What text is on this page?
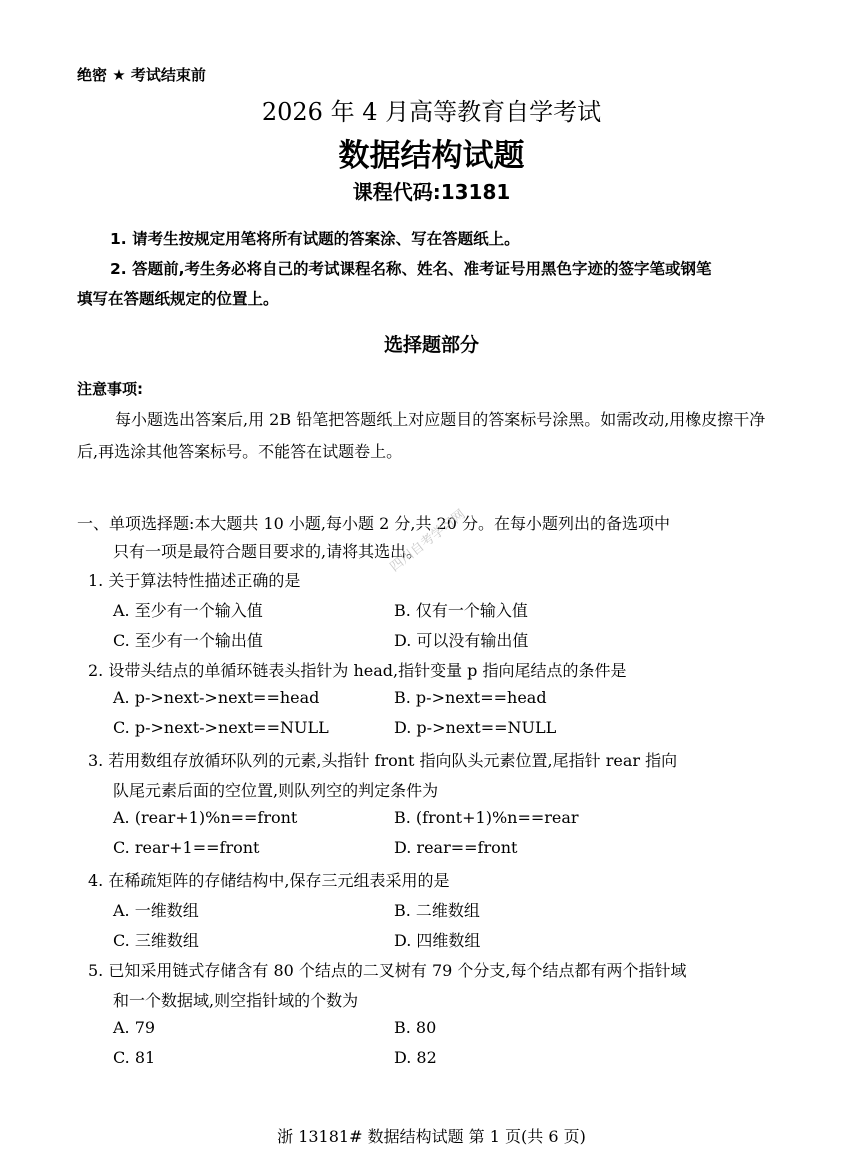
绝密 ★ 考试结束前
2026 年 4 月高等教育自学考试
数据结构试题
课程代码:13181
1. 请考生按规定用笔将所有试题的答案涂、写在答题纸上。
2. 答题前,考生务必将自己的考试课程名称、姓名、准考证号用黑色字迹的签字笔或钢笔
填写在答题纸规定的位置上。
选择题部分
注意事项:
每小题选出答案后,用 2B 铅笔把答题纸上对应题目的答案标号涂黑。如需改动,用橡皮擦干净后,再选涂其他答案标号。不能答在试题卷上。
一、单项选择题:本大题共 10 小题,每小题 2 分,共 20 分。在每小题列出的备选项中
只有一项是最符合题目要求的,请将其选出。
1. 关于算法特性描述正确的是
A. 至少有一个输入值	B. 仅有一个输入值
C. 至少有一个输出值	D. 可以没有输出值
2. 设带头结点的单循环链表头指针为 head,指针变量 p 指向尾结点的条件是
A. p->next->next==head	B. p->next==head
C. p->next->next==NULL	D. p->next==NULL
3. 若用数组存放循环队列的元素,头指针 front 指向队头元素位置,尾指针 rear 指向
队尾元素后面的空位置,则队列空的判定条件为
A. (rear+1)%n==front	B. (front+1)%n==rear
C. rear+1==front	D. rear==front
4. 在稀疏矩阵的存储结构中,保存三元组表采用的是
A. 一维数组	B. 二维数组
C. 三维数组	D. 四维数组
5. 已知采用链式存储含有 80 个结点的二叉树有 79 个分支,每个结点都有两个指针域
和一个数据域,则空指针域的个数为
A. 79	B. 80
C. 81	D. 82
四川自考学习网
浙 13181# 数据结构试题 第 1 页(共 6 页)
